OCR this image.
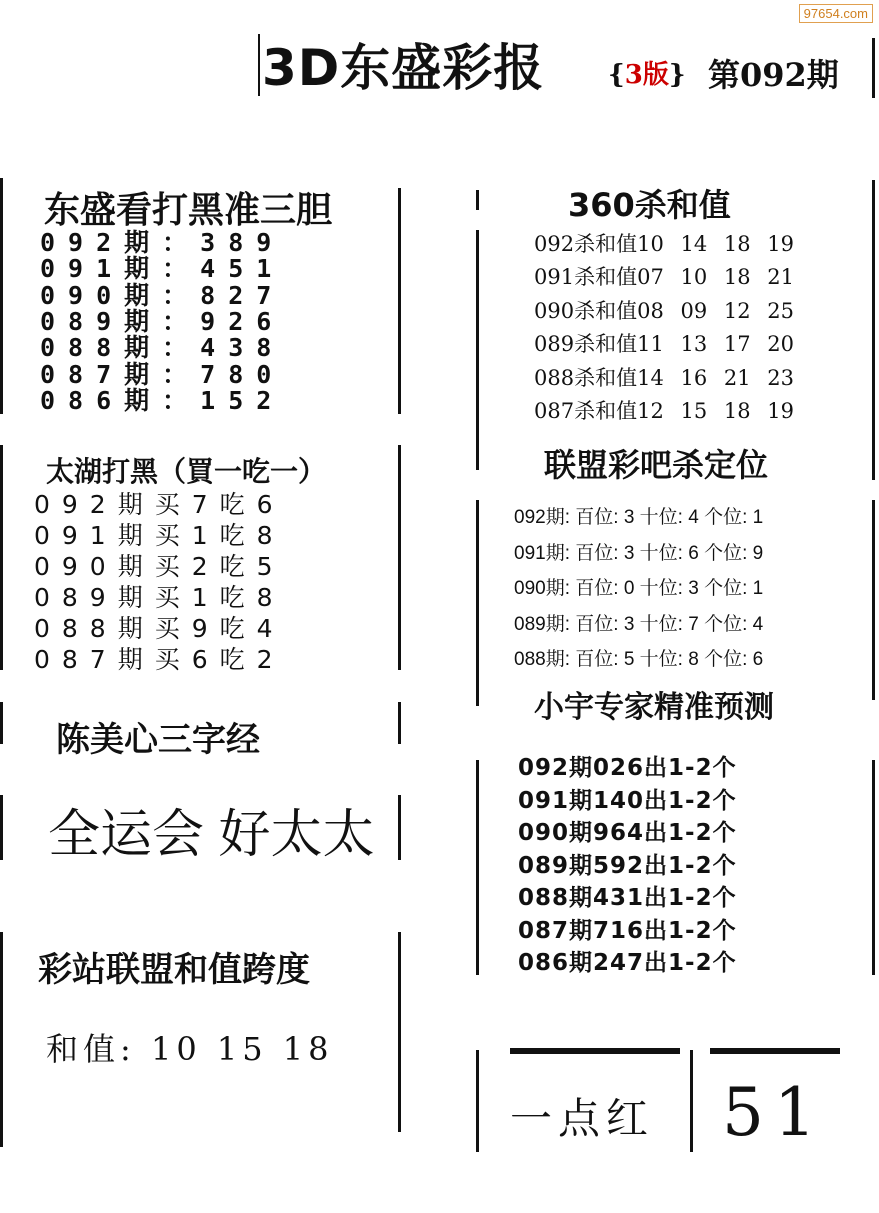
97654.com
3D东盛彩报 {3版} 第092期
东盛看打黑准三胆
092期：389
091期：451
090期：827
089期：926
088期：438
087期：780
086期：152
太湖打黑（買一吃一）
092期买7吃6
091期买1吃8
090期买2吃5
089期买1吃8
088期买9吃4
087期买6吃2
陈美心三字经
全运会 好太太
彩站联盟和值跨度
和值: 10 15 18
360杀和值
092杀和值10 14 18 19
091杀和值07 10 18 21
090杀和值08 09 12 25
089杀和值11 13 17 20
088杀和值14 16 21 23
087杀和值12 15 18 19
联盟彩吧杀定位
092期: 百位: 3 十位: 4 个位: 1
091期: 百位: 3 十位: 6 个位: 9
090期: 百位: 0 十位: 3 个位: 1
089期: 百位: 3 十位: 7 个位: 4
088期: 百位: 5 十位: 8 个位: 6
小宇专家精准预测
092期026出1-2个
091期140出1-2个
090期964出1-2个
089期592出1-2个
088期431出1-2个
087期716出1-2个
086期247出1-2个
一点红 51
